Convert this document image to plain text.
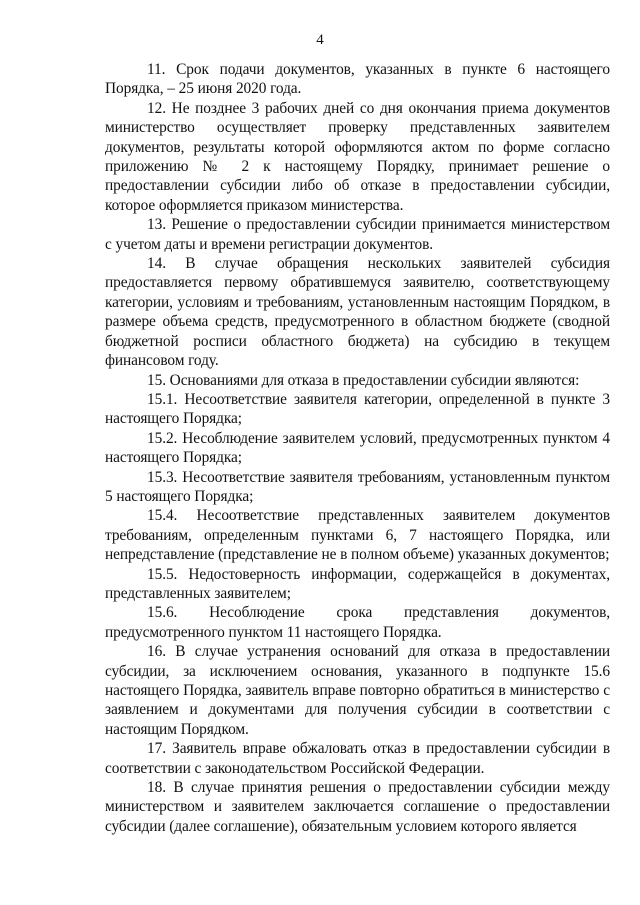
4

11. Срок подачи документов, указанных в пункте 6 настоящего Порядка, – 25 июня 2020 года.

12. Не позднее 3 рабочих дней со дня окончания приема документов министерство осуществляет проверку представленных заявителем документов, результаты которой оформляются актом по форме согласно приложению № 2 к настоящему Порядку, принимает решение о предоставлении субсидии либо об отказе в предоставлении субсидии, которое оформляется приказом министерства.

13. Решение о предоставлении субсидии принимается министерством с учетом даты и времени регистрации документов.

14. В случае обращения нескольких заявителей субсидия предоставляется первому обратившемуся заявителю, соответствующему категории, условиям и требованиям, установленным настоящим Порядком, в размере объема средств, предусмотренного в областном бюджете (сводной бюджетной росписи областного бюджета) на субсидию в текущем финансовом году.

15. Основаниями для отказа в предоставлении субсидии являются:

15.1. Несоответствие заявителя категории, определенной в пункте 3 настоящего Порядка;

15.2. Несоблюдение заявителем условий, предусмотренных пунктом 4 настоящего Порядка;

15.3. Несоответствие заявителя требованиям, установленным пунктом 5 настоящего Порядка;

15.4. Несоответствие представленных заявителем документов требованиям, определенным пунктами 6, 7 настоящего Порядка, или непредставление (представление не в полном объеме) указанных документов;

15.5. Недостоверность информации, содержащейся в документах, представленных заявителем;

15.6. Несоблюдение срока представления документов, предусмотренного пунктом 11 настоящего Порядка.

16. В случае устранения оснований для отказа в предоставлении субсидии, за исключением основания, указанного в подпункте 15.6 настоящего Порядка, заявитель вправе повторно обратиться в министерство с заявлением и документами для получения субсидии в соответствии с настоящим Порядком.

17. Заявитель вправе обжаловать отказ в предоставлении субсидии в соответствии с законодательством Российской Федерации.

18. В случае принятия решения о предоставлении субсидии между министерством и заявителем заключается соглашение о предоставлении субсидии (далее соглашение), обязательным условием которого является
